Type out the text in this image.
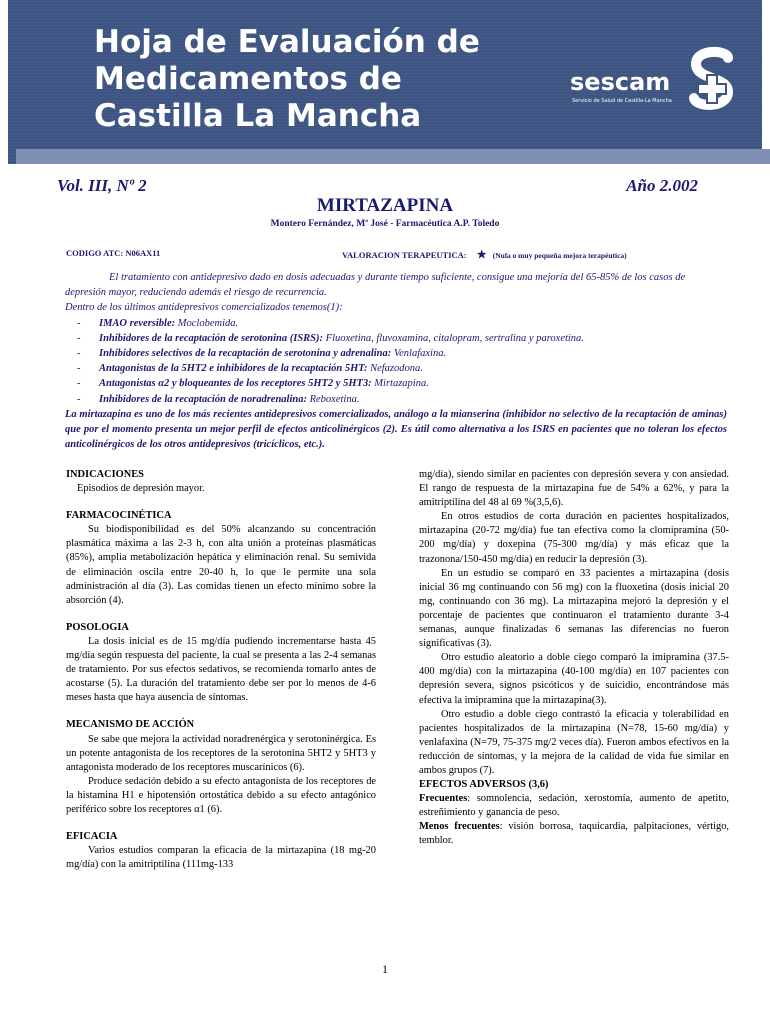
Hoja de Evaluación de
Medicamentos de
Castilla La Mancha
sescam
Servicio de Salud de Castilla-La Mancha
Vol. III, Nº 2	Año 2.002
MIRTAZAPINA
Montero Fernández, Mª José - Farmacéutica A.P. Toledo
CODIGO ATC: N06AX11	VALORACION TERAPEUTICA: ★ (Nula o muy pequeña mejora terapéutica)

El tratamiento con antidepresivo dado en dosis adecuadas y durante tiempo suficiente, consigue una mejoría del 65-85% de los casos de depresión mayor, reduciendo además el riesgo de recurrencia.

Dentro de los últimos antidepresivos comercializados tenemos(1):

- IMAO reversible: Moclobemida.
- Inhibidores de la recaptación de serotonina (ISRS): Fluoxetina, fluvoxamina, citalopram, sertralina y paroxetina.
- Inhibidores selectivos de la recaptación de serotonina y adrenalina: Venlafaxina.
- Antagonistas de la 5HT2 e inhibidores de la recaptación 5HT: Nefazodona.
- Antagonistas α2 y bloqueantes de los receptores 5HT2 y 5HT3: Mirtazapina.
- Inhibidores de la recaptación de noradrenalina: Reboxetina.

La mirtazapina es uno de los más recientes antidepresivos comercializados, análogo a la mianserina (inhibidor no selectivo de la recaptación de aminas) que por el momento presenta un mejor perfil de efectos anticolinérgicos (2). Es útil como alternativa a los ISRS en pacientes que no toleran los efectos anticolinérgicos de los otros antidepresivos (tricíclicos, etc.).

INDICACIONES

Episodios de depresión mayor.

FARMACOCINÉTICA

Su biodisponibilidad es del 50% alcanzando su concentración plasmática máxima a las 2-3 h, con alta unión a proteínas plasmáticas (85%), amplia metabolización hepática y eliminación renal. Su semivida de eliminación oscila entre 20-40 h, lo que le permite una sola administración al día (3). Las comidas tienen un efecto mínimo sobre la absorción (4).

POSOLOGIA

La dosis inicial es de 15 mg/día pudiendo incrementarse hasta 45 mg/día según respuesta del paciente, la cual se presenta a las 2-4 semanas de tratamiento. Por sus efectos sedativos, se recomienda tomarlo antes de acostarse (5). La duración del tratamiento debe ser por lo menos de 4-6 meses hasta que haya ausencia de síntomas.

MECANISMO DE ACCIÓN

Se sabe que mejora la actividad noradrenérgica y serotoninérgica. Es un potente antagonista de los receptores de la serotonina 5HT2 y 5HT3 y antagonista moderado de los receptores muscarínicos (6).

Produce sedación debido a su efecto antagonista de los receptores de la histamina H1 e hipotensión ortostática debido a su efecto antagónico periférico sobre los receptores α1 (6).

EFICACIA

Varios estudios comparan la eficacia de la mirtazapina (18 mg-20 mg/día) con la amitriptilina (111mg-133

mg/día), siendo similar en pacientes con depresión severa y con ansiedad. El rango de respuesta de la mirtazapina fue de 54% a 62%, y para la amitriptilina del 48 al 69 %(3,5,6).

En otros estudios de corta duración en pacientes hospitalizados, mirtazapina (20-72 mg/día) fue tan efectiva como la clomipramina (50-200 mg/día) y doxepina (75-300 mg/día) y más eficaz que la trazonona/150-450 mg/día) en reducir la depresión (3).

En un estudio se comparó en 33 pacientes a mirtazapina (dosis inicial 36 mg continuando con 56 mg) con la fluoxetina (dosis inicial 20 mg, continuando con 36 mg). La mirtazapina mejoró la depresión y el porcentaje de pacientes que continuaron el tratamiento durante 3-4 semanas, aunque finalizadas 6 semanas las diferencias no fueron significativas (3).

Otro estudio aleatorio a doble ciego comparó la imipramina (37.5-400 mg/día) con la mirtazapina (40-100 mg/día) en 107 pacientes con depresión severa, signos psicóticos y de suicidio, encontrándose más efectiva la imipramina que la mirtazapina(3).

Otro estudio a doble ciego contrastó la eficacia y tolerabilidad en pacientes hospitalizados de la mirtazapina (N=78, 15-60 mg/día) y venlafaxina (N=79, 75-375 mg/2 veces día). Fueron ambos efectivos en la reducción de síntomas, y la mejora de la calidad de vida fue similar en ambos grupos (7).

EFECTOS ADVERSOS (3,6)

Frecuentes: somnolencia, sedación, xerostomía, aumento de apetito, estreñimiento y ganancia de peso.

Menos frecuentes: visión borrosa, taquicardia, palpitaciones, vértigo, temblor.

1
